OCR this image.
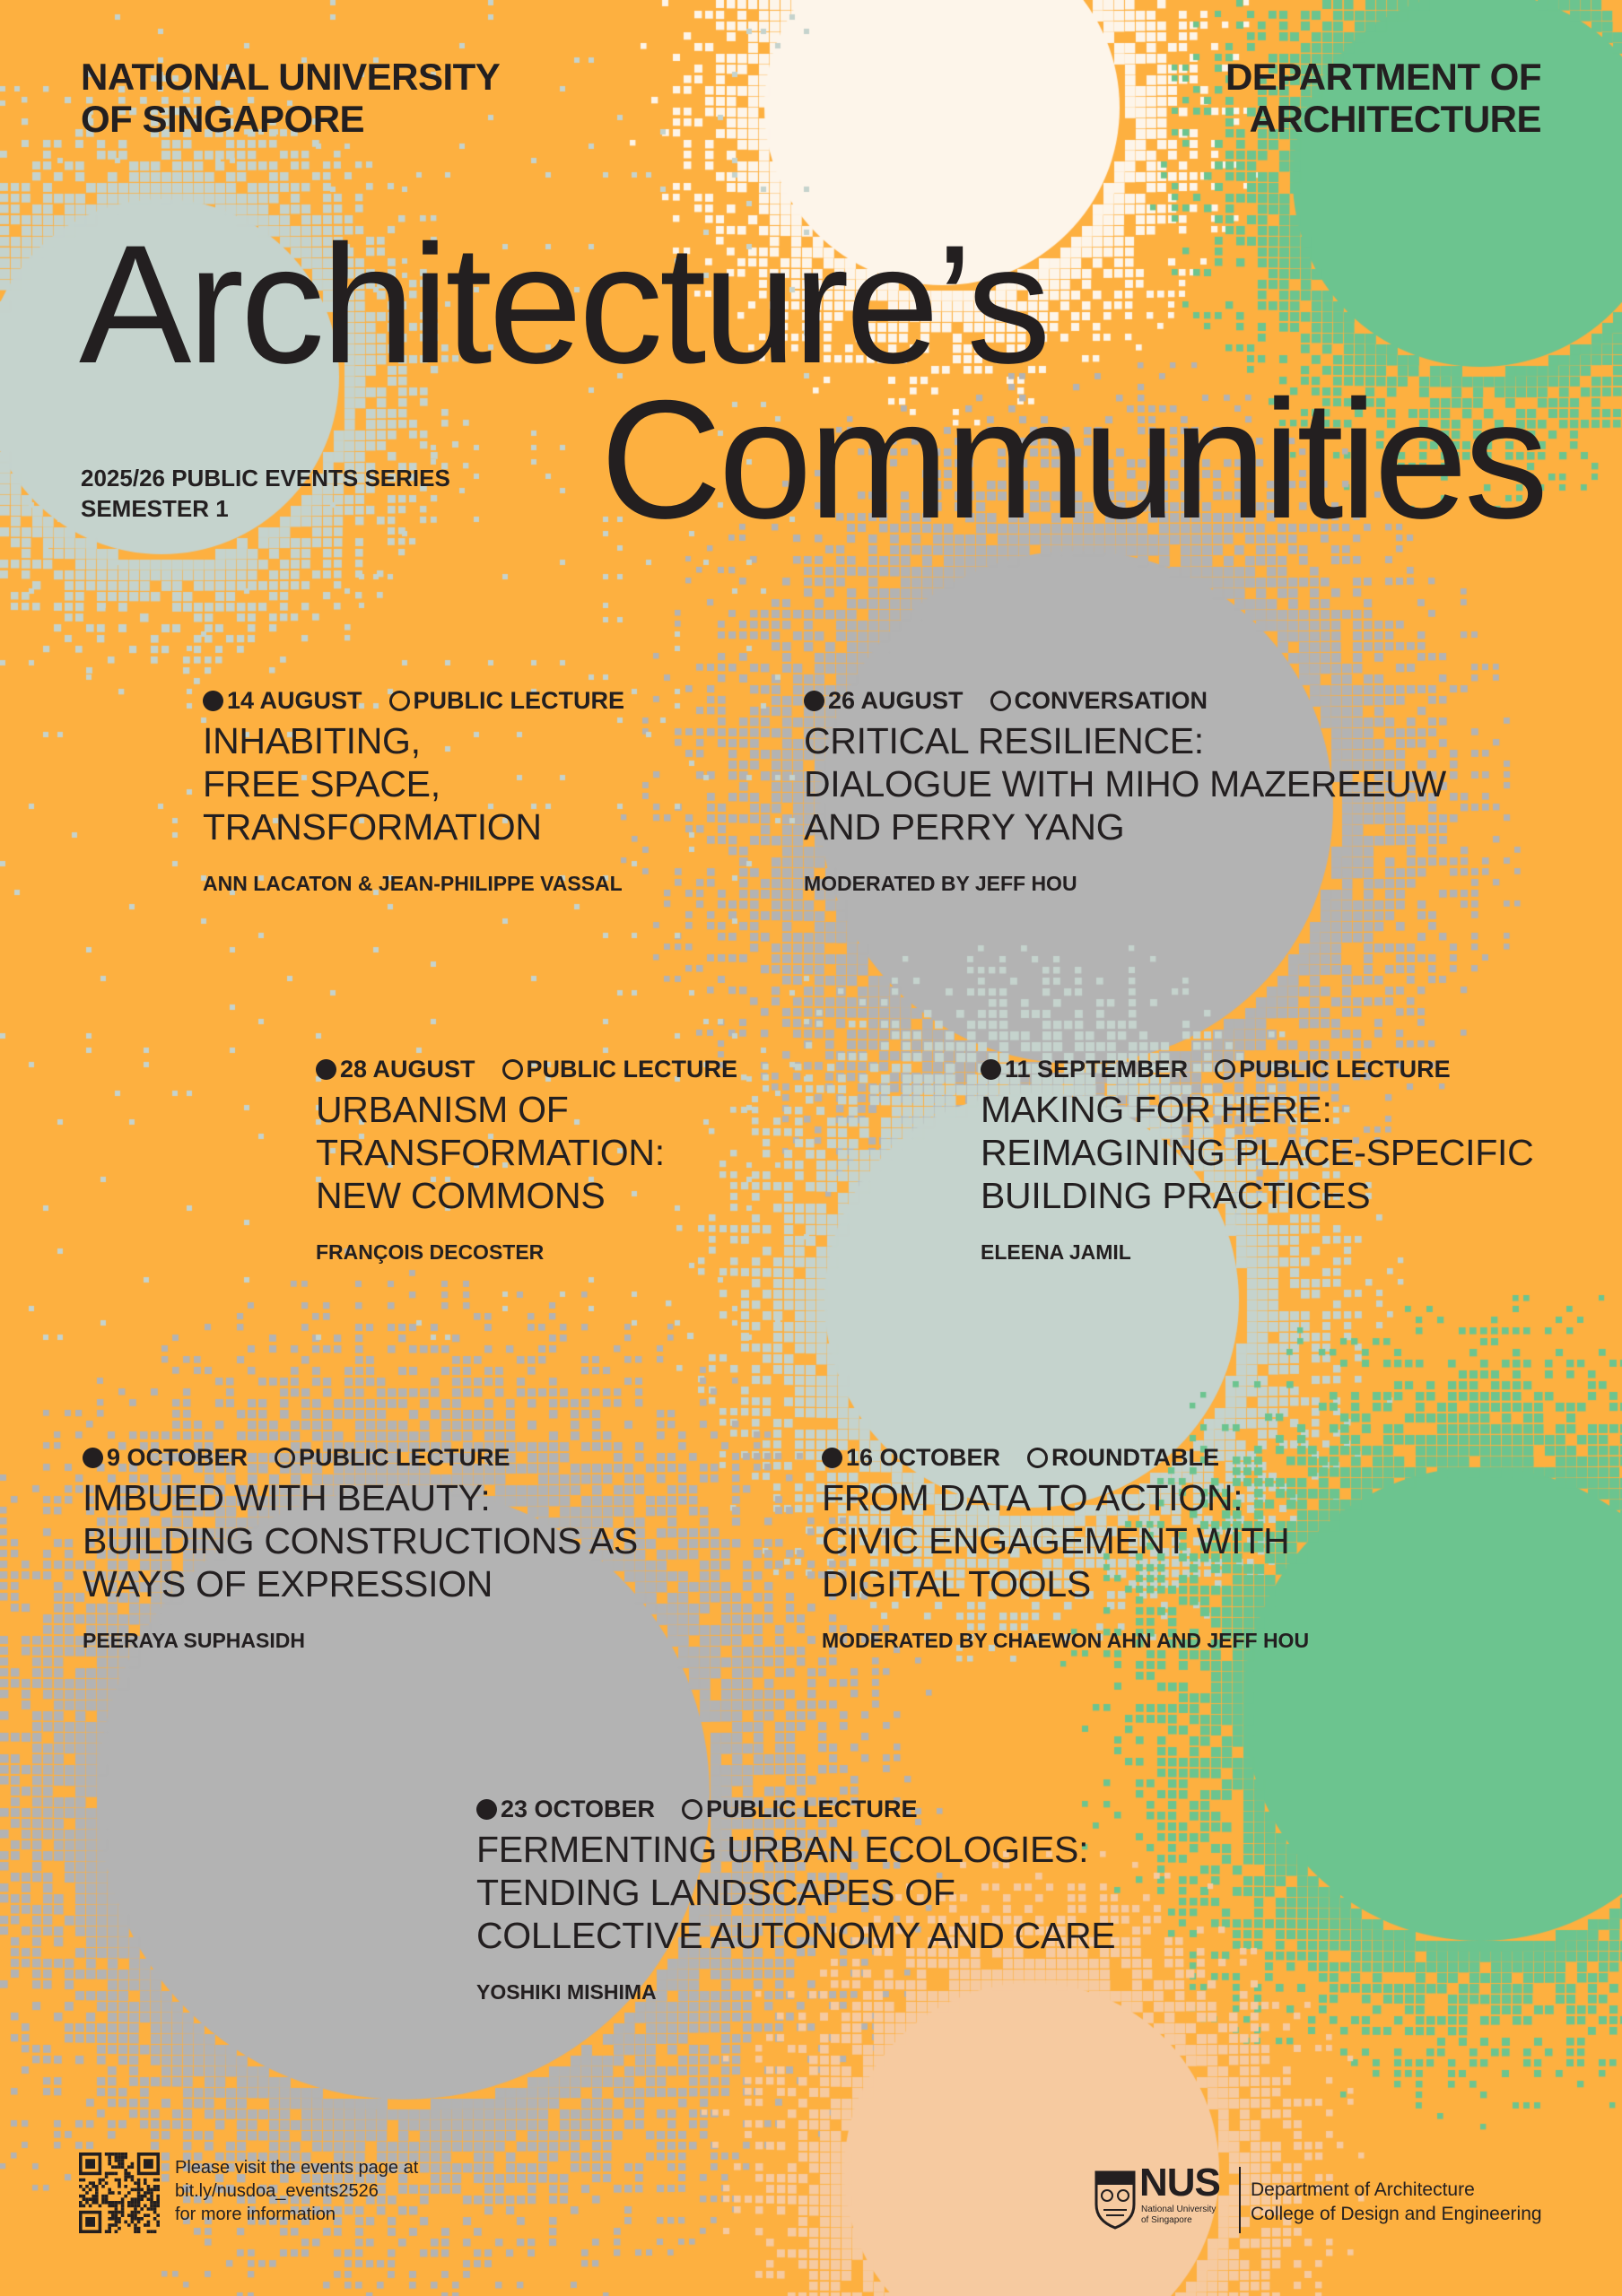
NATIONAL UNIVERSITY
OF SINGAPORE
DEPARTMENT OF
ARCHITECTURE
Architecture’s
Communities
2025/26 PUBLIC EVENTS SERIES
SEMESTER 1
14 AUGUST PUBLIC LECTURE
INHABITING,
FREE SPACE,
TRANSFORMATION
ANN LACATON & JEAN-PHILIPPE VASSAL
26 AUGUST CONVERSATION
CRITICAL RESILIENCE:
DIALOGUE WITH MIHO MAZEREEUW
AND PERRY YANG
MODERATED BY JEFF HOU
28 AUGUST PUBLIC LECTURE
URBANISM OF
TRANSFORMATION:
NEW COMMONS
FRANÇOIS DECOSTER
11 SEPTEMBER PUBLIC LECTURE
MAKING FOR HERE:
REIMAGINING PLACE-SPECIFIC
BUILDING PRACTICES
ELEENA JAMIL
9 OCTOBER PUBLIC LECTURE
IMBUED WITH BEAUTY:
BUILDING CONSTRUCTIONS AS
WAYS OF EXPRESSION
PEERAYA SUPHASIDH
16 OCTOBER ROUNDTABLE
FROM DATA TO ACTION:
CIVIC ENGAGEMENT WITH
DIGITAL TOOLS
MODERATED BY CHAEWON AHN AND JEFF HOU
23 OCTOBER PUBLIC LECTURE
FERMENTING URBAN ECOLOGIES:
TENDING LANDSCAPES OF
COLLECTIVE AUTONOMY AND CARE
YOSHIKI MISHIMA
Please visit the events page at
bit.ly/nusdoa_events2526
for more information
NUS
National University
of Singapore
Department of Architecture
College of Design and Engineering
